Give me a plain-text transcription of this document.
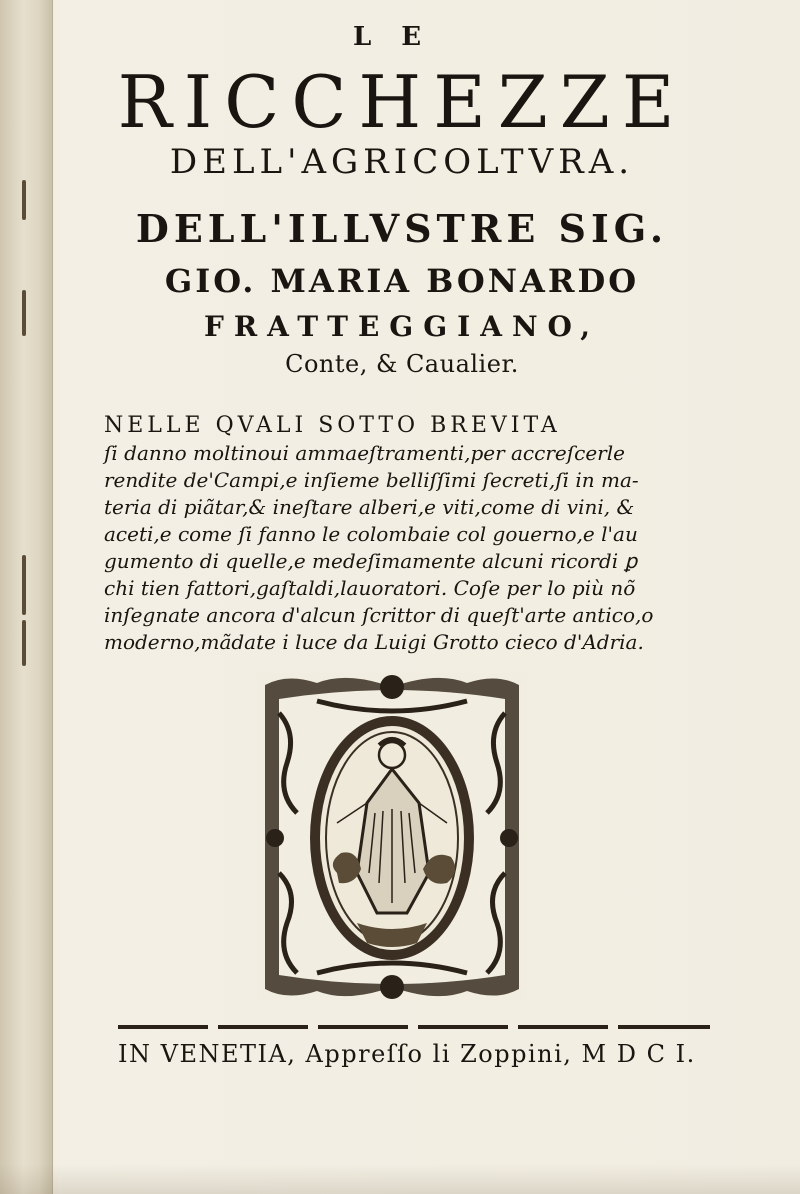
LE
RICCHEZZE
DELL'AGRICOLTVRA.
DELL'ILLVSTRE SIG.
GIO. MARIA BONARDO
FRATTEGGIANO,
Conte, & Caualier.
NELLE QVALI SOTTO BREVITA
ſi danno moltinoui ammaeſtramenti,per accreſcerle
rendite de'Campi,e inſieme belliſſimi ſecreti,ſi in ma-
teria di piãtar,& ineſtare alberi,e viti,come di vini, &
aceti,e come ſi fanno le colombaie col gouerno,e l'au
gumento di quelle,e medeſimamente alcuni ricordi ꝑ
chi tien fattori,gaſtaldi,lauoratori. Coſe per lo più nõ
inſegnate ancora d'alcun ſcrittor di queſt'arte antico,o
moderno,mãdate i luce da Luigi Grotto cieco d'Adria.
IN VENETIA, Appreſſo li Zoppini, M D C I.
